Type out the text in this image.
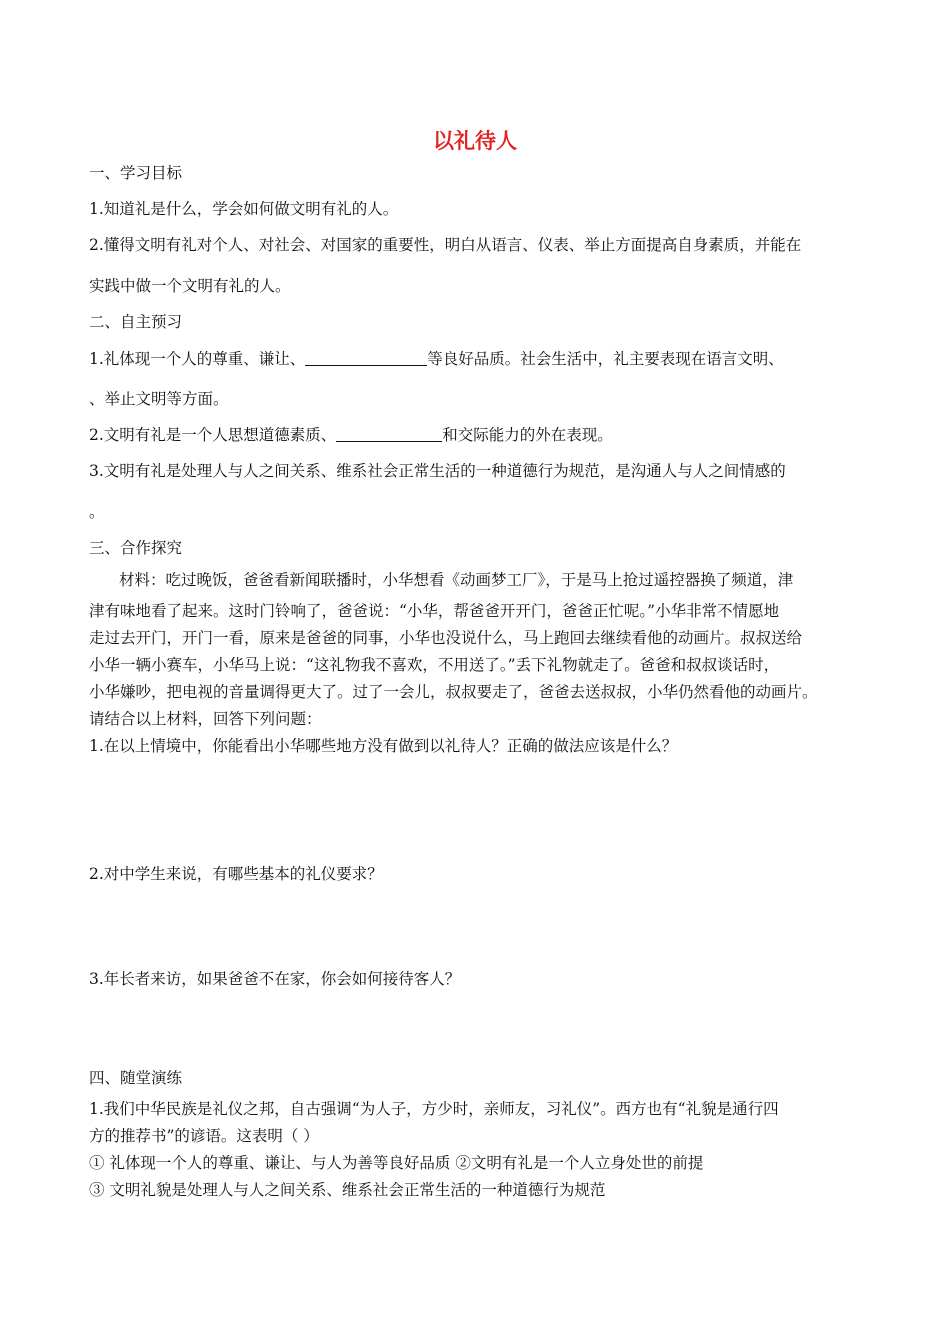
以礼待人
一、学习目标
1.知道礼是什么，学会如何做文明有礼的人。
2.懂得文明有礼对个人、对社会、对国家的重要性，明白从语言、仪表、举止方面提高自身素质，并能在
实践中做一个文明有礼的人。
二、自主预习
1.礼体现一个人的尊重、谦让、	等良好品质。社会生活中，礼主要表现在语言文明、
、举止文明等方面。
2.文明有礼是一个人思想道德素质、	和交际能力的外在表现。
3.文明有礼是处理人与人之间关系、维系社会正常生活的一种道德行为规范，是沟通人与人之间情感的
。
三、合作探究
材料：吃过晚饭，爸爸看新闻联播时，小华想看《动画梦工厂》，于是马上抢过遥控器换了频道，津
津有味地看了起来。这时门铃响了，爸爸说：“小华，帮爸爸开开门，爸爸正忙呢。”小华非常不情愿地
走过去开门，开门一看，原来是爸爸的同事，小华也没说什么，马上跑回去继续看他的动画片。叔叔送给
小华一辆小赛车，小华马上说：“这礼物我不喜欢，不用送了。”丢下礼物就走了。爸爸和叔叔谈话时，
小华嫌吵，把电视的音量调得更大了。过了一会儿，叔叔要走了，爸爸去送叔叔，小华仍然看他的动画片。
请结合以上材料，回答下列问题：
1.在以上情境中，你能看出小华哪些地方没有做到以礼待人？正确的做法应该是什么？
2.对中学生来说，有哪些基本的礼仪要求？
3.年长者来访，如果爸爸不在家，你会如何接待客人？
四、随堂演练
1.我们中华民族是礼仪之邦，自古强调“为人子，方少时，亲师友，习礼仪”。西方也有“礼貌是通行四
方的推荐书”的谚语。这表明（ ）
① 礼体现一个人的尊重、谦让、与人为善等良好品质 ②文明有礼是一个人立身处世的前提
③ 文明礼貌是处理人与人之间关系、维系社会正常生活的一种道德行为规范
